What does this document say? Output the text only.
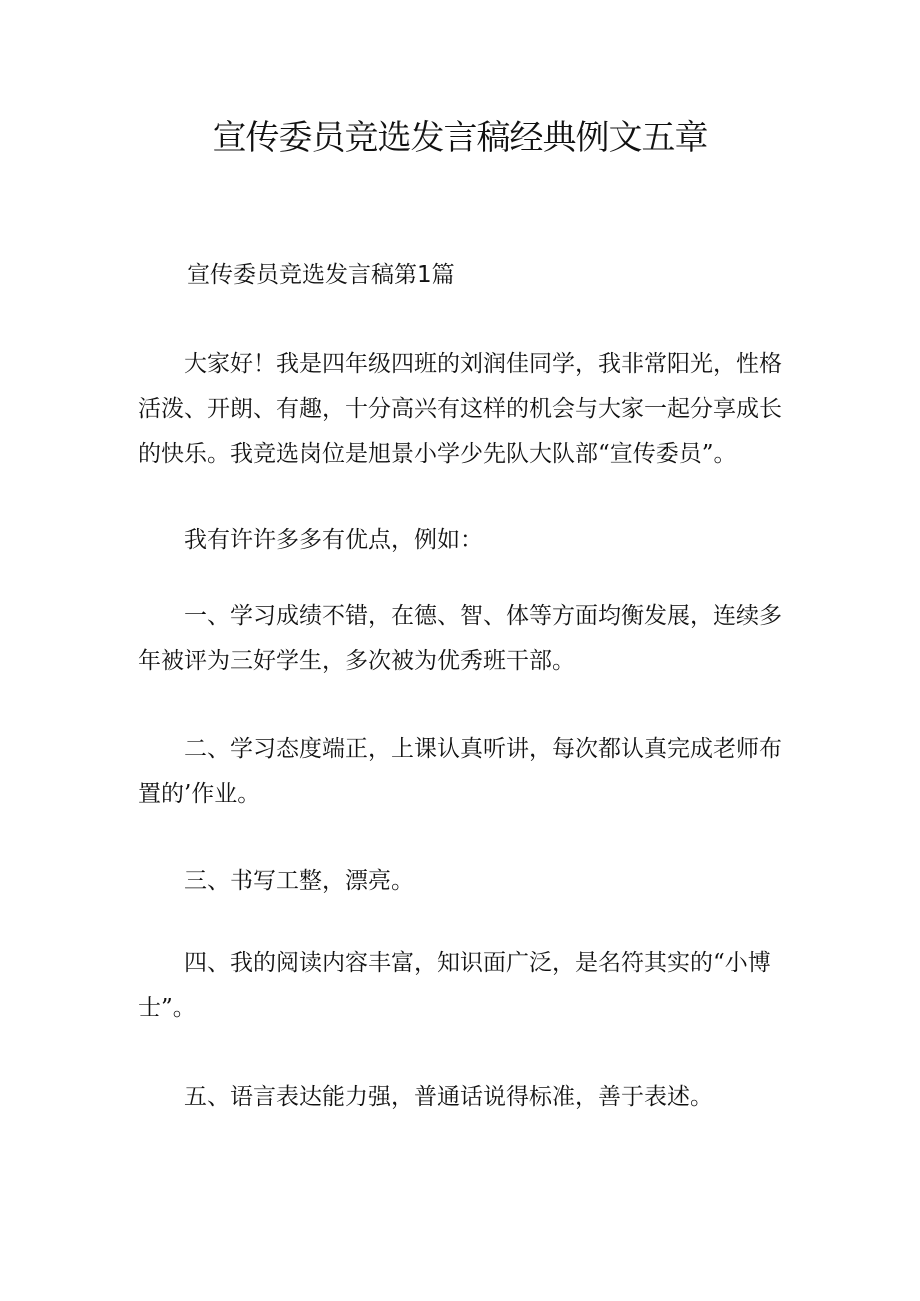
宣传委员竞选发言稿经典例文五章

宣传委员竞选发言稿第1篇

大家好！我是四年级四班的刘润佳同学，我非常阳光，性格活泼、开朗、有趣，十分高兴有这样的机会与大家一起分享成长的快乐。我竞选岗位是旭景小学少先队大队部“宣传委员”。

我有许许多多有优点，例如：

一、学习成绩不错，在德、智、体等方面均衡发展，连续多年被评为三好学生，多次被为优秀班干部。

二、学习态度端正，上课认真听讲，每次都认真完成老师布置的’作业。

三、书写工整，漂亮。

四、我的阅读内容丰富，知识面广泛，是名符其实的“小博士”。

五、语言表达能力强，普通话说得标准，善于表述。
